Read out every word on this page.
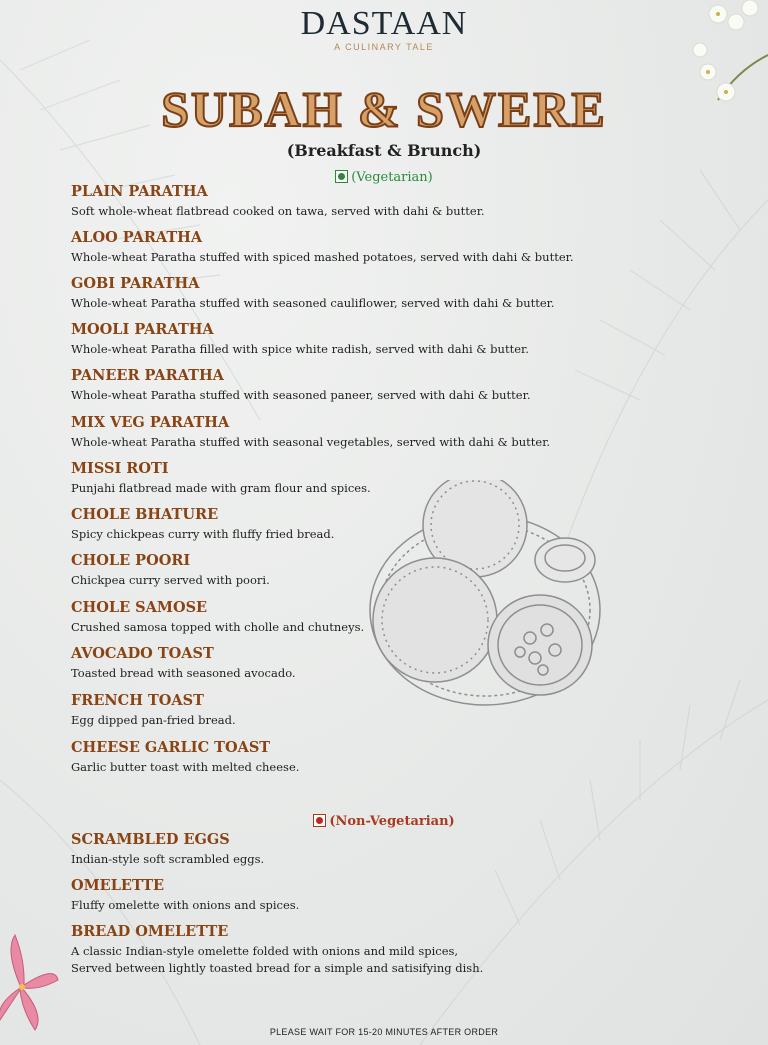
DASTAAN
A CULINARY TALE
SUBAH & SWERE
(Breakfast & Brunch)
(Vegetarian)
PLAIN PARATHA
Soft whole-wheat flatbread cooked on tawa, served with dahi & butter.
ALOO PARATHA
Whole-wheat Paratha stuffed with spiced mashed potatoes, served with dahi & butter.
GOBI PARATHA
Whole-wheat Paratha stuffed with seasoned cauliflower, served with dahi & butter.
MOOLI PARATHA
Whole-wheat Paratha filled with spice white radish, served with dahi & butter.
PANEER PARATHA
Whole-wheat Paratha stuffed with seasoned paneer, served with dahi & butter.
MIX VEG PARATHA
Whole-wheat Paratha stuffed with seasonal vegetables, served with dahi & butter.
MISSI ROTI
Punjahi flatbread made with gram flour and spices.
CHOLE BHATURE
Spicy chickpeas curry with fluffy fried bread.
CHOLE POORI
Chickpea curry served with poori.
CHOLE SAMOSE
Crushed samosa topped with cholle and chutneys.
AVOCADO TOAST
Toasted bread with seasoned avocado.
FRENCH TOAST
Egg dipped pan-fried bread.
CHEESE GARLIC TOAST
Garlic butter toast with melted cheese.
(Non-Vegetarian)
SCRAMBLED EGGS
Indian-style soft scrambled eggs.
OMELETTE
Fluffy omelette with onions and spices.
BREAD OMELETTE
A classic Indian-style omelette folded with onions and mild spices,
Served between lightly toasted bread for a simple and satisifying dish.
PLEASE WAIT FOR 15-20 MINUTES AFTER ORDER
